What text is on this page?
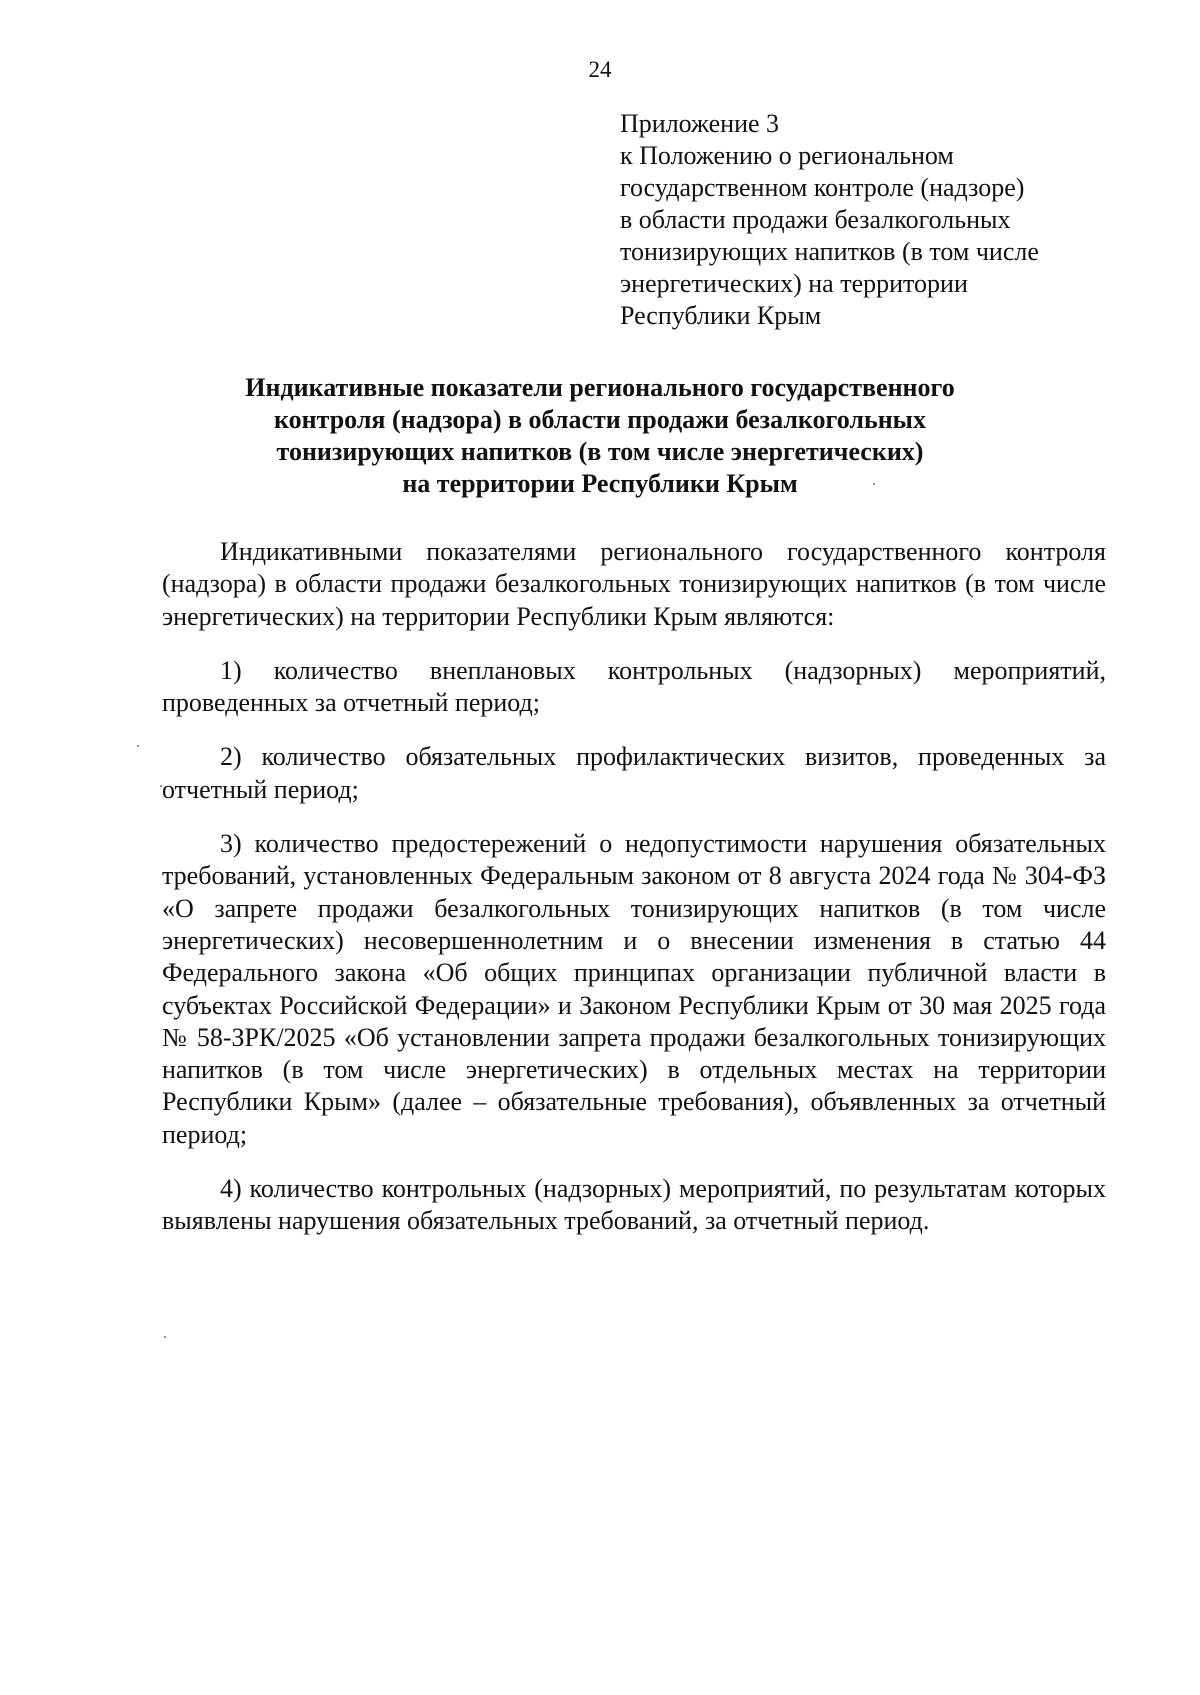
24
Приложение 3
к Положению о региональном
государственном контроле (надзоре)
в области продажи безалкогольных
тонизирующих напитков (в том числе
энергетических) на территории
Республики Крым
Индикативные показатели регионального государственного
контроля (надзора) в области продажи безалкогольных
тонизирующих напитков (в том числе энергетических)
на территории Республики Крым

Индикативными показателями регионального государственного контроля (надзора) в области продажи безалкогольных тонизирующих напитков (в том числе энергетических) на территории Республики Крым являются:

1) количество внеплановых контрольных (надзорных) мероприятий, проведенных за отчетный период;

2) количество обязательных профилактических визитов, проведенных за отчетный период;

3) количество предостережений о недопустимости нарушения обязательных требований, установленных Федеральным законом от 8 августа 2024 года № 304-ФЗ «О запрете продажи безалкогольных тонизирующих напитков (в том числе энергетических) несовершеннолетним и о внесении изменения в статью 44 Федерального закона «Об общих принципах организации публичной власти в субъектах Российской Федерации» и Законом Республики Крым от 30 мая 2025 года № 58-ЗРК/2025 «Об установлении запрета продажи безалкогольных тонизирующих напитков (в том числе энергетических) в отдельных местах на территории Республики Крым» (далее – обязательные требования), объявленных за отчетный период;

4) количество контрольных (надзорных) мероприятий, по результатам которых выявлены нарушения обязательных требований, за отчетный период.
